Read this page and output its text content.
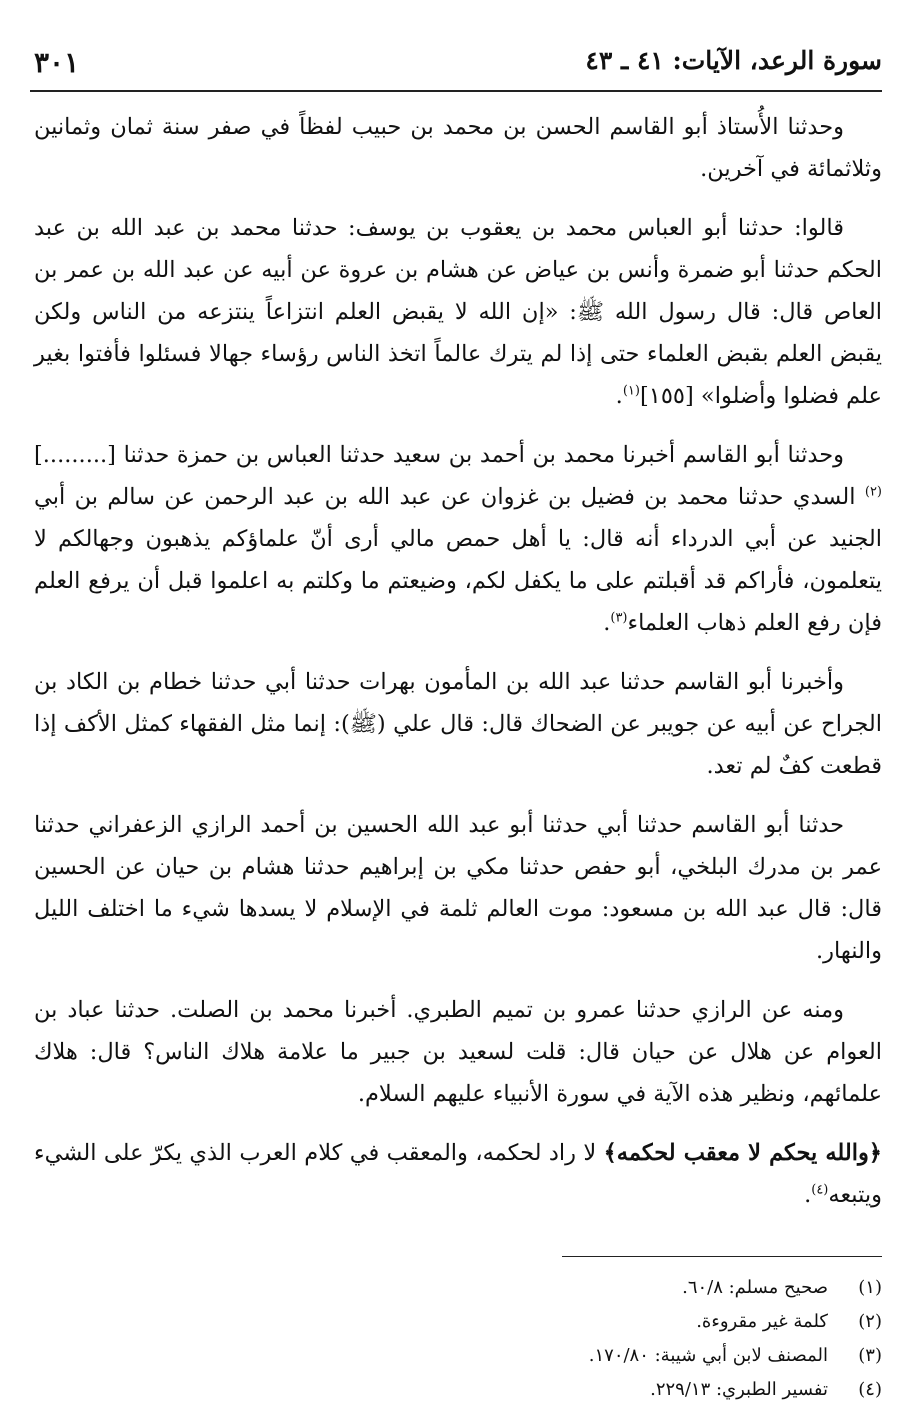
سورة الرعد، الآيات: ٤١ ـ ٤٣
٣٠١

وحدثنا الأُستاذ أبو القاسم الحسن بن محمد بن حبيب لفظاً في صفر سنة ثمان وثمانين وثلاثمائة في آخرين.

قالوا: حدثنا أبو العباس محمد بن يعقوب بن يوسف: حدثنا محمد بن عبد الله بن عبد الحكم حدثنا أبو ضمرة وأنس بن عياض عن هشام بن عروة عن أبيه عن عبد الله بن عمر بن العاص قال: قال رسول الله ﷺ: «إن الله لا يقبض العلم انتزاعاً ينتزعه من الناس ولكن يقبض العلم بقبض العلماء حتى إذا لم يترك عالماً اتخذ الناس رؤساء جهالا فسئلوا فأفتوا بغير علم فضلوا وأضلوا» [١٥٥]$^{(١)}$.

وحدثنا أبو القاسم أخبرنا محمد بن أحمد بن سعيد حدثنا العباس بن حمزة حدثنا [.........]$^{(٢)}$ السدي حدثنا محمد بن فضيل بن غزوان عن عبد الله بن عبد الرحمن عن سالم بن أبي الجنيد عن أبي الدرداء أنه قال: يا أهل حمص مالي أرى أنّ علماؤكم يذهبون وجهالكم لا يتعلمون، فأراكم قد أقبلتم على ما يكفل لكم، وضيعتم ما وكلتم به اعلموا قبل أن يرفع العلم فإن رفع العلم ذهاب العلماء$^{(٣)}$.

وأخبرنا أبو القاسم حدثنا عبد الله بن المأمون بهرات حدثنا أبي حدثنا خطام بن الكاد بن الجراح عن أبيه عن جويبر عن الضحاك قال: قال علي (ﷺ): إنما مثل الفقهاء كمثل الأكف إذا قطعت كفٌ لم تعد.

حدثنا أبو القاسم حدثنا أبي حدثنا أبو عبد الله الحسين بن أحمد الرازي الزعفراني حدثنا عمر بن مدرك البلخي، أبو حفص حدثنا مكي بن إبراهيم حدثنا هشام بن حيان عن الحسين قال: قال عبد الله بن مسعود: موت العالم ثلمة في الإسلام لا يسدها شيء ما اختلف الليل والنهار.

ومنه عن الرازي حدثنا عمرو بن تميم الطبري. أخبرنا محمد بن الصلت. حدثنا عباد بن العوام عن هلال عن حيان قال: قلت لسعيد بن جبير ما علامة هلاك الناس؟ قال: هلاك علمائهم، ونظير هذه الآية في سورة الأنبياء عليهم السلام.

﴿والله يحكم لا معقب لحكمه﴾ لا راد لحكمه، والمعقب في كلام العرب الذي يكرّ على الشيء ويتبعه$^{(٤)}$.

(١)
صحيح مسلم: ٦٠/٨.
(٢)
كلمة غير مقروءة.
(٣)
المصنف لابن أبي شيبة: ١٧٠/٨٠.
(٤)
تفسير الطبري: ٢٢٩/١٣.
